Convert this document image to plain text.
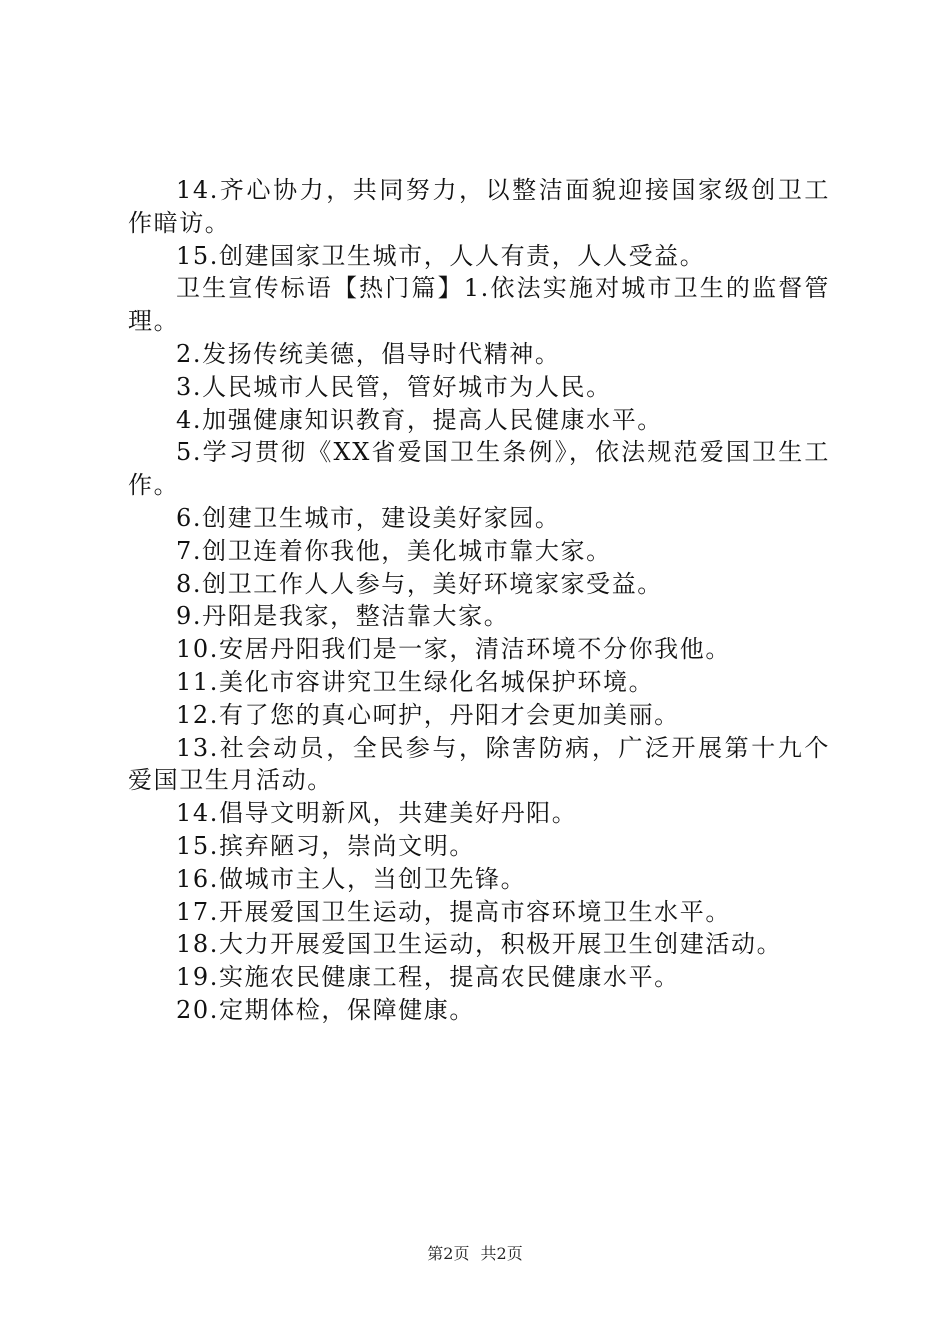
14.齐心协力，共同努力，以整洁面貌迎接国家级创卫工作暗访。

15.创建国家卫生城市，人人有责，人人受益。

卫生宣传标语【热门篇】1.依法实施对城市卫生的监督管理。

2.发扬传统美德，倡导时代精神。

3.人民城市人民管，管好城市为人民。

4.加强健康知识教育，提高人民健康水平。

5.学习贯彻《XX省爱国卫生条例》，依法规范爱国卫生工作。

6.创建卫生城市，建设美好家园。

7.创卫连着你我他，美化城市靠大家。

8.创卫工作人人参与，美好环境家家受益。

9.丹阳是我家，整洁靠大家。

10.安居丹阳我们是一家，清洁环境不分你我他。

11.美化市容讲究卫生绿化名城保护环境。

12.有了您的真心呵护，丹阳才会更加美丽。

13.社会动员，全民参与，除害防病，广泛开展第十九个爱国卫生月活动。

14.倡导文明新风，共建美好丹阳。

15.摈弃陋习，崇尚文明。

16.做城市主人，当创卫先锋。

17.开展爱国卫生运动，提高市容环境卫生水平。

18.大力开展爱国卫生运动，积极开展卫生创建活动。

19.实施农民健康工程，提高农民健康水平。

20.定期体检，保障健康。

第2页 共2页
